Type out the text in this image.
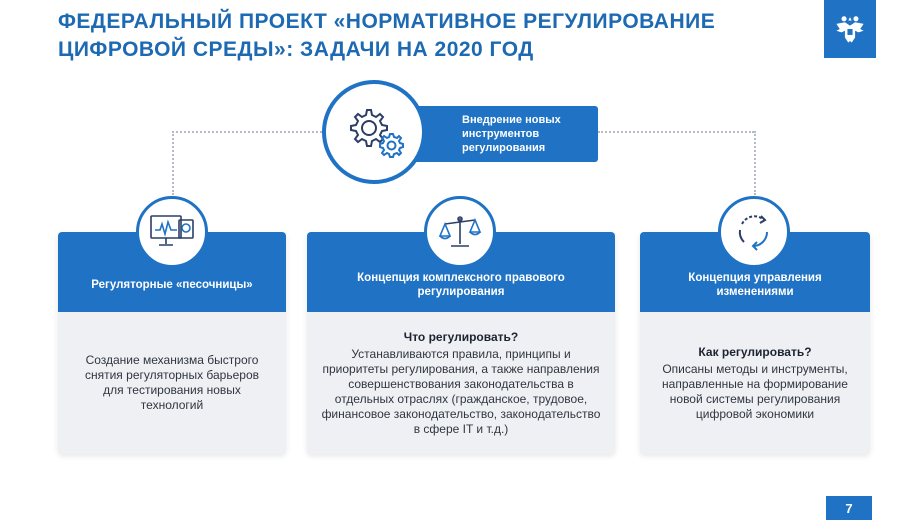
ФЕДЕРАЛЬНЫЙ ПРОЕКТ «НОРМАТИВНОЕ РЕГУЛИРОВАНИЕ
ЦИФРОВОЙ СРЕДЫ»: ЗАДАЧИ НА 2020 ГОД
Внедрение новых инструментов регулирования
Регуляторные «песочницы»
Создание механизма быстрого снятия регуляторных барьеров для тестирования новых технологий
Концепция комплексного правового регулирования
Что регулировать?
Устанавливаются правила, принципы и приоритеты регулирования, а также направления совершенствования законодательства в отдельных отраслях (гражданское, трудовое, финансовое законодательство, законодательство в сфере IT и т.д.)
Концепция управления изменениями
Как регулировать?
Описаны методы и инструменты, направленные на формирование новой системы регулирования цифровой экономики
7
